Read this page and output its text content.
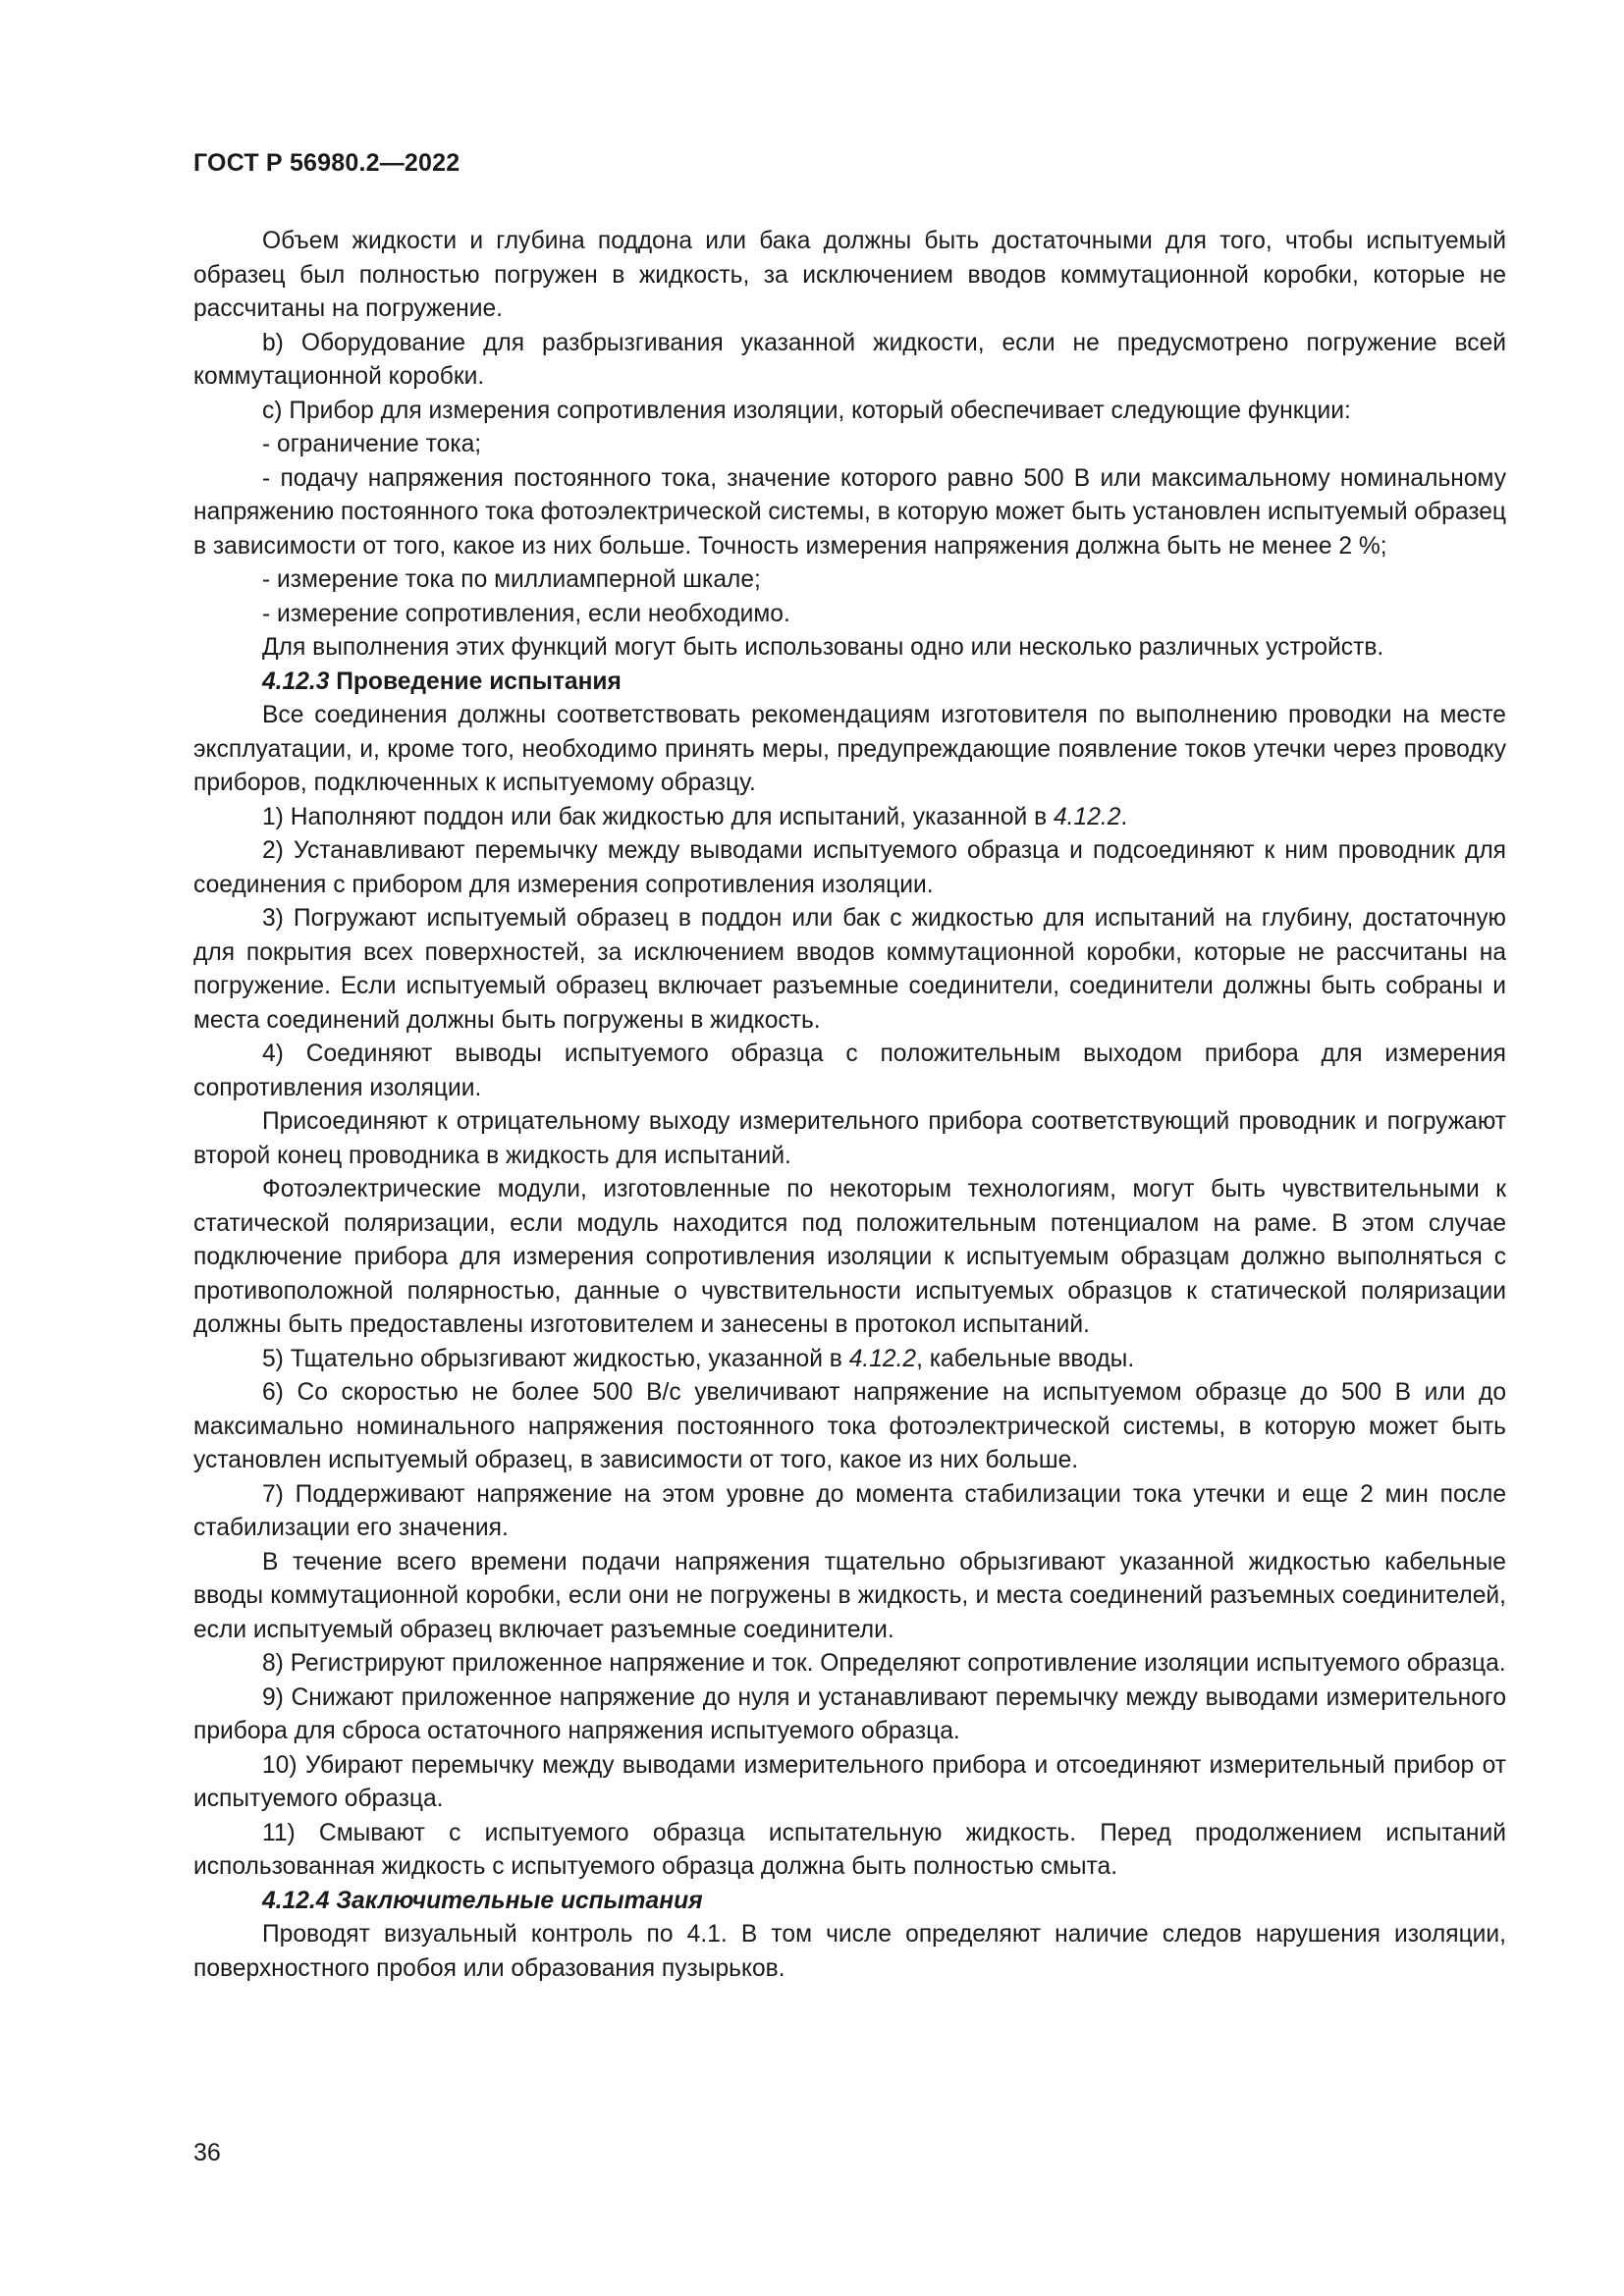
ГОСТ Р 56980.2—2022

Объем жидкости и глубина поддона или бака должны быть достаточными для того, чтобы испытуемый образец был полностью погружен в жидкость, за исключением вводов коммутационной коробки, которые не рассчитаны на погружение.

b) Оборудование для разбрызгивания указанной жидкости, если не предусмотрено погружение всей коммутационной коробки.

c) Прибор для измерения сопротивления изоляции, который обеспечивает следующие функции:

- ограничение тока;

- подачу напряжения постоянного тока, значение которого равно 500 В или максимальному номинальному напряжению постоянного тока фотоэлектрической системы, в которую может быть установлен испытуемый образец в зависимости от того, какое из них больше. Точность измерения напряжения должна быть не менее 2 %;

- измерение тока по миллиамперной шкале;

- измерение сопротивления, если необходимо.

Для выполнения этих функций могут быть использованы одно или несколько различных устройств.

4.12.3 Проведение испытания

Все соединения должны соответствовать рекомендациям изготовителя по выполнению проводки на месте эксплуатации, и, кроме того, необходимо принять меры, предупреждающие появление токов утечки через проводку приборов, подключенных к испытуемому образцу.

1) Наполняют поддон или бак жидкостью для испытаний, указанной в 4.12.2.

2) Устанавливают перемычку между выводами испытуемого образца и подсоединяют к ним проводник для соединения с прибором для измерения сопротивления изоляции.

3) Погружают испытуемый образец в поддон или бак с жидкостью для испытаний на глубину, достаточную для покрытия всех поверхностей, за исключением вводов коммутационной коробки, которые не рассчитаны на погружение. Если испытуемый образец включает разъемные соединители, соединители должны быть собраны и места соединений должны быть погружены в жидкость.

4) Соединяют выводы испытуемого образца с положительным выходом прибора для измерения сопротивления изоляции.

Присоединяют к отрицательному выходу измерительного прибора соответствующий проводник и погружают второй конец проводника в жидкость для испытаний.

Фотоэлектрические модули, изготовленные по некоторым технологиям, могут быть чувствительными к статической поляризации, если модуль находится под положительным потенциалом на раме. В этом случае подключение прибора для измерения сопротивления изоляции к испытуемым образцам должно выполняться с противоположной полярностью, данные о чувствительности испытуемых образцов к статической поляризации должны быть предоставлены изготовителем и занесены в протокол испытаний.

5) Тщательно обрызгивают жидкостью, указанной в 4.12.2, кабельные вводы.

6) Со скоростью не более 500 В/с увеличивают напряжение на испытуемом образце до 500 В или до максимально номинального напряжения постоянного тока фотоэлектрической системы, в которую может быть установлен испытуемый образец, в зависимости от того, какое из них больше.

7) Поддерживают напряжение на этом уровне до момента стабилизации тока утечки и еще 2 мин после стабилизации его значения.

В течение всего времени подачи напряжения тщательно обрызгивают указанной жидкостью кабельные вводы коммутационной коробки, если они не погружены в жидкость, и места соединений разъемных соединителей, если испытуемый образец включает разъемные соединители.

8) Регистрируют приложенное напряжение и ток. Определяют сопротивление изоляции испытуемого образца.

9) Снижают приложенное напряжение до нуля и устанавливают перемычку между выводами измерительного прибора для сброса остаточного напряжения испытуемого образца.

10) Убирают перемычку между выводами измерительного прибора и отсоединяют измерительный прибор от испытуемого образца.

11) Смывают с испытуемого образца испытательную жидкость. Перед продолжением испытаний использованная жидкость с испытуемого образца должна быть полностью смыта.

4.12.4 Заключительные испытания

Проводят визуальный контроль по 4.1. В том числе определяют наличие следов нарушения изоляции, поверхностного пробоя или образования пузырьков.

36
